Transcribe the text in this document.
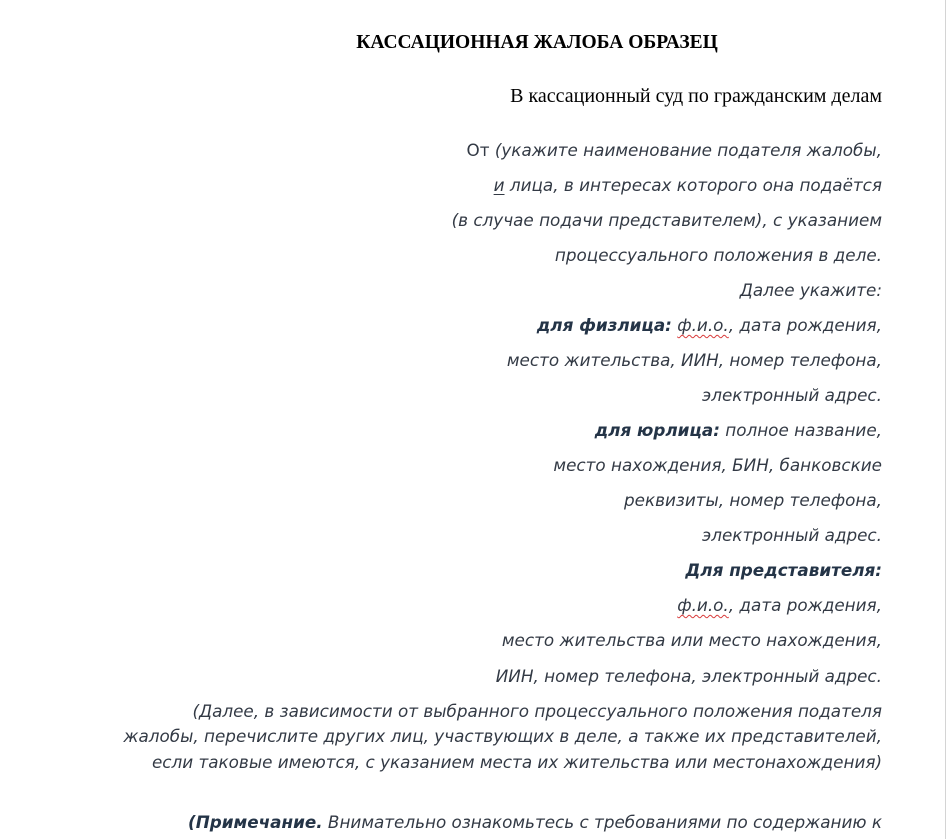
КАССАЦИОННАЯ ЖАЛОБА ОБРАЗЕЦ
В кассационный суд по гражданским делам
От (укажите наименование подателя жалобы,
и лица, в интересах которого она подаётся
(в случае подачи представителем), с указанием
процессуального положения в деле.
Далее укажите:
для физлица: ф.и.о., дата рождения,
место жительства, ИИН, номер телефона,
электронный адрес.
для юрлица: полное название,
место нахождения, БИН, банковские
реквизиты, номер телефона,
электронный адрес.
Для представителя:
ф.и.о., дата рождения,
место жительства или место нахождения,
ИИН, номер телефона, электронный адрес.
(Далее, в зависимости от выбранного процессуального положения подателя жалобы, перечислите других лиц, участвующих в деле, а также их представителей, если таковые имеются, с указанием места их жительства или местонахождения)
(Примечание. Внимательно ознакомьтесь с требованиями по содержанию к
